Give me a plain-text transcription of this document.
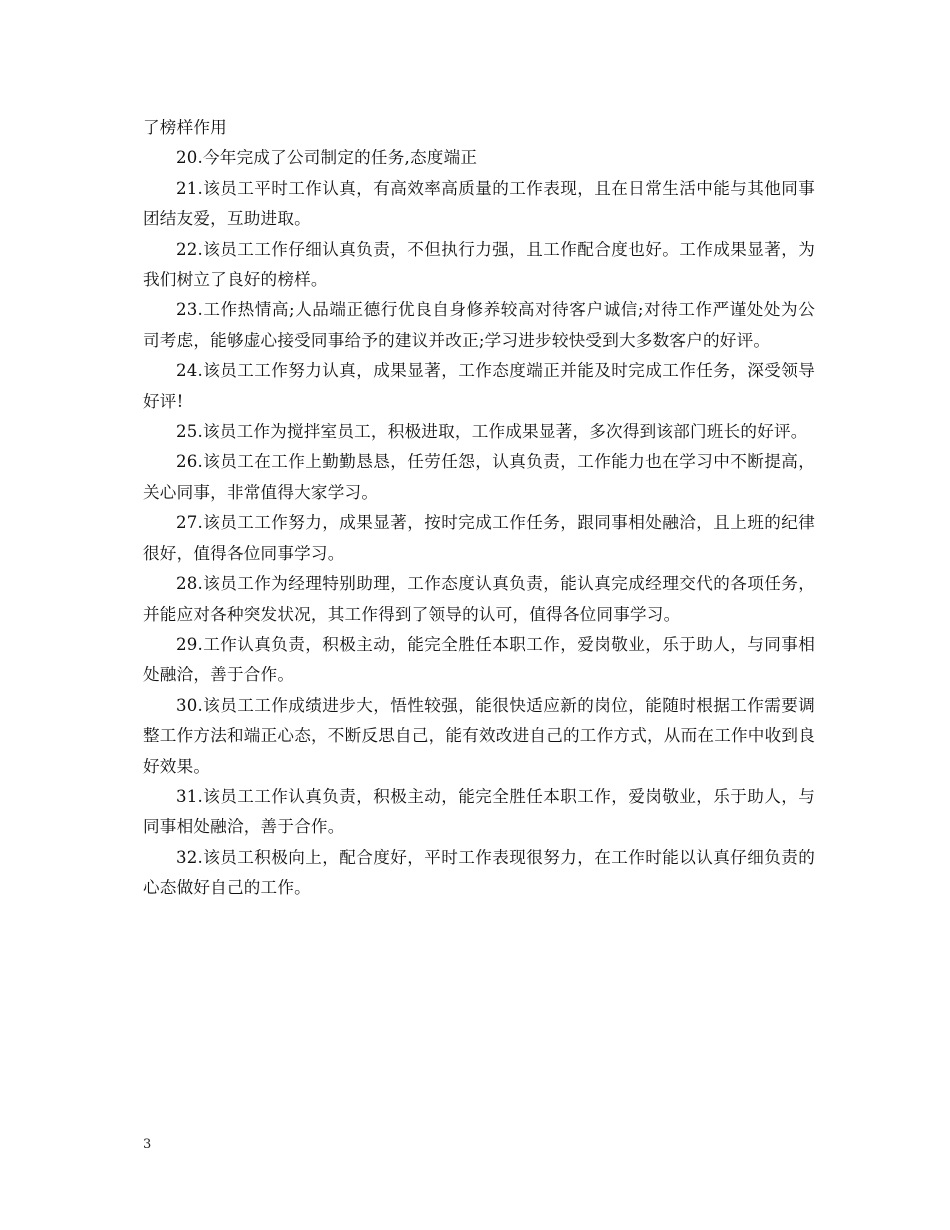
了榜样作用

20.今年完成了公司制定的任务,态度端正

21.该员工平时工作认真，有高效率高质量的工作表现，且在日常生活中能与其他同事团结友爱，互助进取。

22.该员工工作仔细认真负责，不但执行力强，且工作配合度也好。工作成果显著，为我们树立了良好的榜样。

23.工作热情高;人品端正德行优良自身修养较高对待客户诚信;对待工作严谨处处为公司考虑，能够虚心接受同事给予的建议并改正;学习进步较快受到大多数客户的好评。

24.该员工工作努力认真，成果显著，工作态度端正并能及时完成工作任务，深受领导好评!

25.该员工作为搅拌室员工，积极进取，工作成果显著，多次得到该部门班长的好评。

26.该员工在工作上勤勤恳恳，任劳任怨，认真负责，工作能力也在学习中不断提高，关心同事，非常值得大家学习。

27.该员工工作努力，成果显著，按时完成工作任务，跟同事相处融洽，且上班的纪律很好，值得各位同事学习。

28.该员工作为经理特别助理，工作态度认真负责，能认真完成经理交代的各项任务，并能应对各种突发状况，其工作得到了领导的认可，值得各位同事学习。

29.工作认真负责，积极主动，能完全胜任本职工作，爱岗敬业，乐于助人，与同事相处融洽，善于合作。

30.该员工工作成绩进步大，悟性较强，能很快适应新的岗位，能随时根据工作需要调整工作方法和端正心态，不断反思自己，能有效改进自己的工作方式，从而在工作中收到良好效果。

31.该员工工作认真负责，积极主动，能完全胜任本职工作，爱岗敬业，乐于助人，与同事相处融洽，善于合作。

32.该员工积极向上，配合度好，平时工作表现很努力，在工作时能以认真仔细负责的心态做好自己的工作。

3
